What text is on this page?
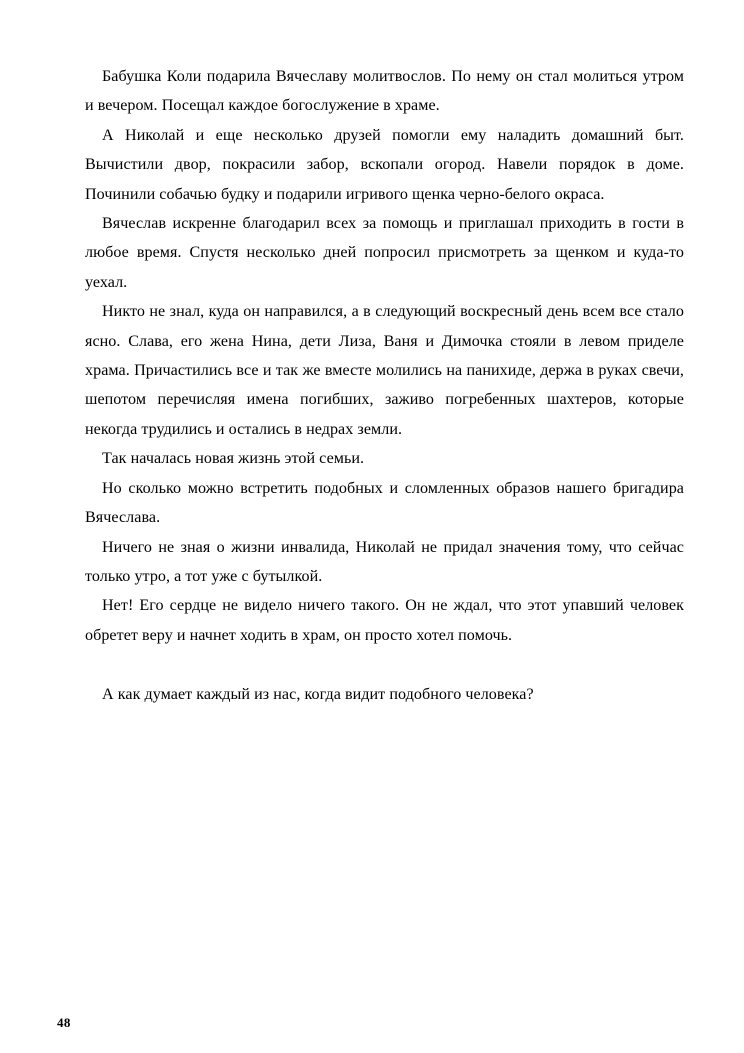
Бабушка Коли подарила Вячеславу молитвослов. По нему он стал молиться утром и вечером. Посещал каждое богослужение в храме.

А Николай и еще несколько друзей помогли ему наладить домашний быт. Вычистили двор, покрасили забор, вскопали огород. Навели порядок в доме. Починили собачью будку и подарили игривого щенка черно-белого окраса.

Вячеслав искренне благодарил всех за помощь и приглашал приходить в гости в любое время. Спустя несколько дней попросил присмотреть за щенком и куда-то уехал.

Никто не знал, куда он направился, а в следующий воскресный день всем все стало ясно. Слава, его жена Нина, дети Лиза, Ваня и Димочка стояли в левом приделе храма. Причастились все и так же вместе молились на панихиде, держа в руках свечи, шепотом перечисляя имена погибших, заживо погребенных шахтеров, которые некогда трудились и остались в недрах земли.

Так началась новая жизнь этой семьи.

Но сколько можно встретить подобных и сломленных образов нашего бригадира Вячеслава.

Ничего не зная о жизни инвалида, Николай не придал значения тому, что сейчас только утро, а тот уже с бутылкой.

Нет! Его сердце не видело ничего такого. Он не ждал, что этот упавший человек обретет веру и начнет ходить в храм, он просто хотел помочь.

А как думает каждый из нас, когда видит подобного человека?

48
